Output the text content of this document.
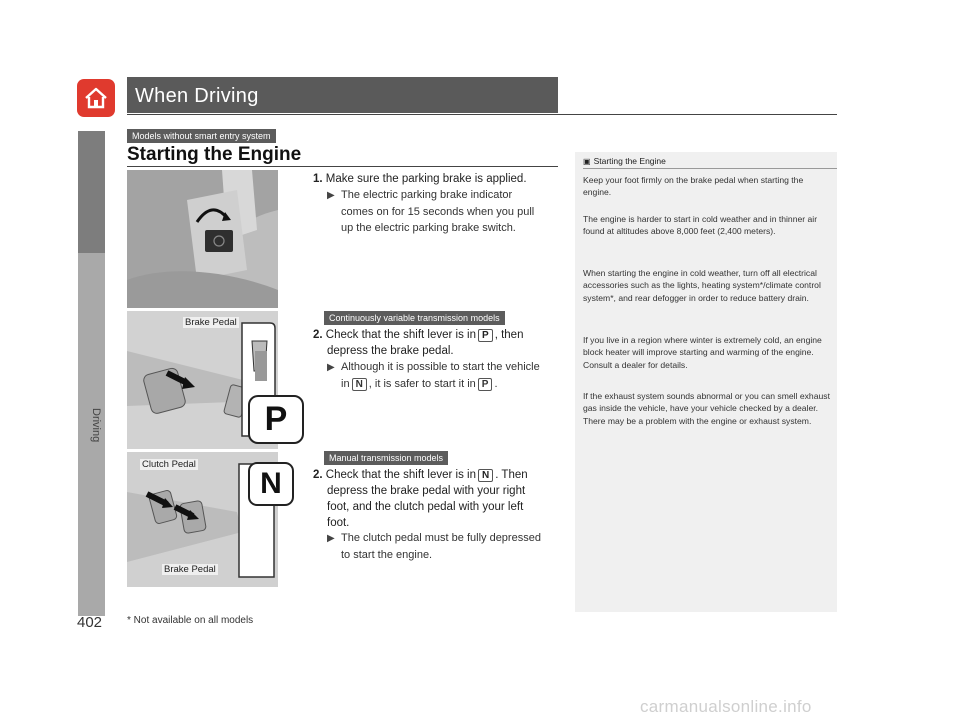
When Driving
Driving
Models without smart entry system
Starting the Engine
1. Make sure the parking brake is applied.
▶ The electric parking brake indicator
comes on for 15 seconds when you pull
up the electric parking brake switch.
Brake Pedal
P
Continuously variable transmission models
2. Check that the shift lever is in P , then
depress the brake pedal.
▶ Although it is possible to start the vehicle
in N , it is safer to start it in P .
Clutch Pedal
Brake Pedal
N
Manual transmission models
2. Check that the shift lever is in N . Then
depress the brake pedal with your right
foot, and the clutch pedal with your left
foot.
▶ The clutch pedal must be fully depressed
to start the engine.
▣ Starting the Engine

Keep your foot firmly on the brake pedal when starting the engine.

The engine is harder to start in cold weather and in thinner air found at altitudes above 8,000 feet (2,400 meters).

When starting the engine in cold weather, turn off all electrical accessories such as the lights, heating system*/climate control system*, and rear defogger in order to reduce battery drain.

If you live in a region where winter is extremely cold, an engine block heater will improve starting and warming of the engine. Consult a dealer for details.

If the exhaust system sounds abnormal or you can smell exhaust gas inside the vehicle, have your vehicle checked by a dealer. There may be a problem with the engine or exhaust system.

402 * Not available on all models
carmanualsonline.info
